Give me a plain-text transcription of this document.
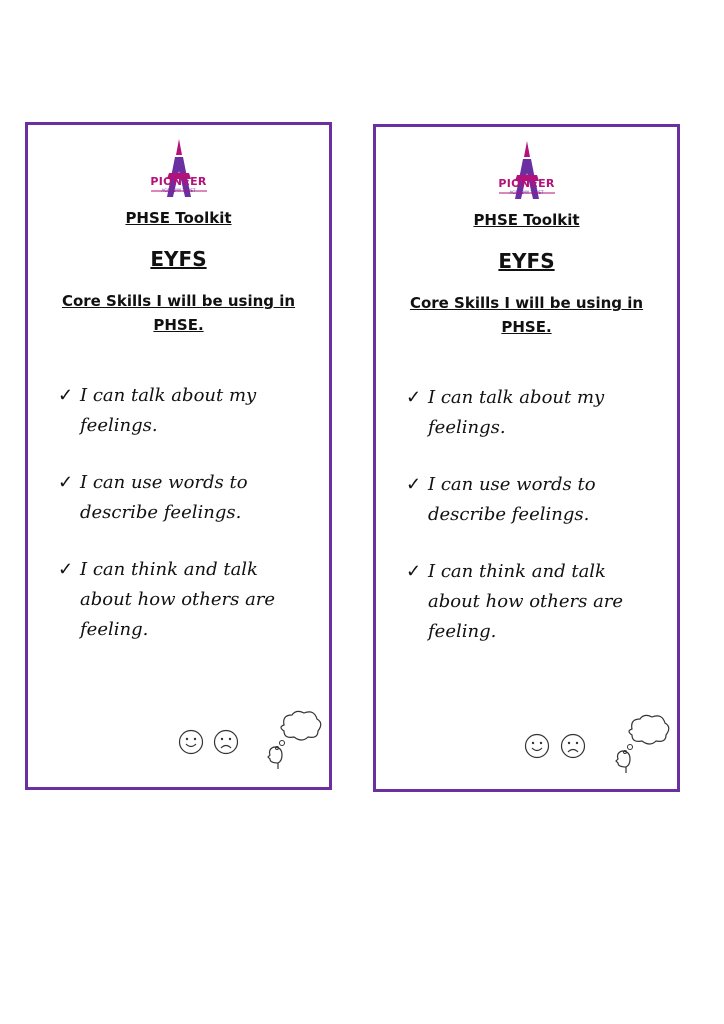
PIONEER
ACADEMY TRUST
PHSE Toolkit
EYFS
Core Skills I will be using in PHSE.
✓ I can talk about my feelings.
✓ I can use words to describe feelings.
✓ I can think and talk about how others are feeling.
PIONEER
ACADEMY TRUST
PHSE Toolkit
EYFS
Core Skills I will be using in PHSE.
✓ I can talk about my feelings.
✓ I can use words to describe feelings.
✓ I can think and talk about how others are feeling.
